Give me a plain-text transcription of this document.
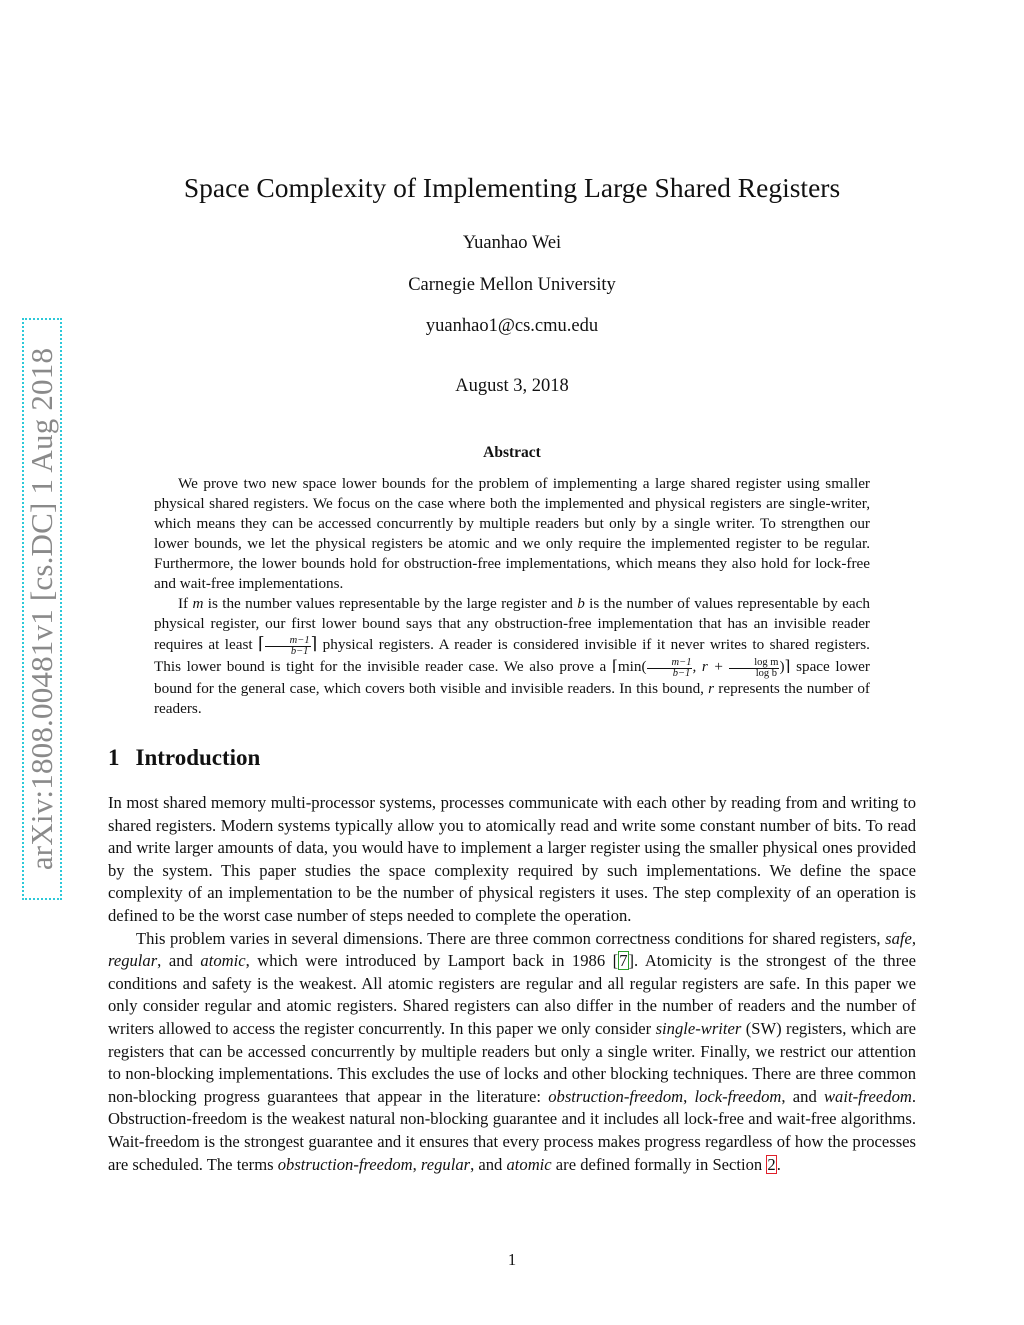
arXiv:1808.00481v1 [cs.DC] 1 Aug 2018
Space Complexity of Implementing Large Shared Registers
Yuanhao Wei
Carnegie Mellon University
yuanhao1@cs.cmu.edu
August 3, 2018
Abstract

We prove two new space lower bounds for the problem of implementing a large shared register using smaller physical shared registers. We focus on the case where both the implemented and physical registers are single-writer, which means they can be accessed concurrently by multiple readers but only by a single writer. To strengthen our lower bounds, we let the physical registers be atomic and we only require the implemented register to be regular. Furthermore, the lower bounds hold for obstruction-free implementations, which means they also hold for lock-free and wait-free implementations.

If m is the number values representable by the large register and b is the number of values representable by each physical register, our first lower bound says that any obstruction-free implementation that has an invisible reader requires at least ⌈ $\frac{m-1}{b-1}$ ⌉ physical registers. A reader is considered invisible if it never writes to shared registers. This lower bound is tight for the invisible reader case. We also prove a ⌈min( $\frac{m-1}{b-1}$ , $r + \frac{\text{log m}}{\text{log b}}$ )⌉ space lower bound for the general case, which covers both visible and invisible readers. In this bound, r represents the number of readers.

1 Introduction

In most shared memory multi-processor systems, processes communicate with each other by reading from and writing to shared registers. Modern systems typically allow you to atomically read and write some constant number of bits. To read and write larger amounts of data, you would have to implement a larger register using the smaller physical ones provided by the system. This paper studies the space complexity required by such implementations. We define the space complexity of an implementation to be the number of physical registers it uses. The step complexity of an operation is defined to be the worst case number of steps needed to complete the operation.

This problem varies in several dimensions. There are three common correctness conditions for shared registers, safe, regular, and atomic, which were introduced by Lamport back in 1986 [7]. Atomicity is the strongest of the three conditions and safety is the weakest. All atomic registers are regular and all regular registers are safe. In this paper we only consider regular and atomic registers. Shared registers can also differ in the number of readers and the number of writers allowed to access the register concurrently. In this paper we only consider single-writer (SW) registers, which are registers that can be accessed concurrently by multiple readers but only a single writer. Finally, we restrict our attention to non-blocking implementations. This excludes the use of locks and other blocking techniques. There are three common non-blocking progress guarantees that appear in the literature: obstruction-freedom, lock-freedom, and wait-freedom. Obstruction-freedom is the weakest natural non-blocking guarantee and it includes all lock-free and wait-free algorithms. Wait-freedom is the strongest guarantee and it ensures that every process makes progress regardless of how the processes are scheduled. The terms obstruction-freedom, regular, and atomic are defined formally in Section 2.

1
